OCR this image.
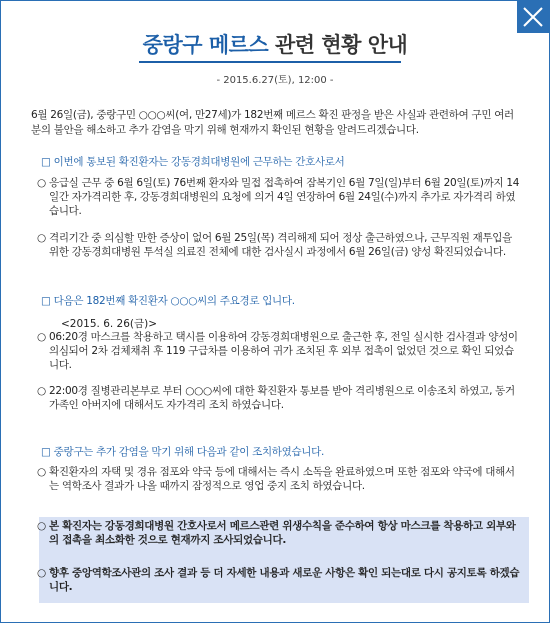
중랑구 메르스 관련 현황 안내
- 2015.6.27(토), 12:00 -
6월 26일(금), 중랑구민 ○○○씨(여, 만27세)가 182번째 메르스 확진 판정을 받은 사실과 관련하여 구민 여러분의 불안을 해소하고 추가 감염을 막기 위해 현재까지 확인된 현황을 알려드리겠습니다.
□ 이번에 통보된 확진환자는 강동경희대병원에 근무하는 간호사로서
○ 응급실 근무 중 6월 6일(토) 76번째 환자와 밀접 접촉하여 잠복기인 6월 7일(일)부터 6월 20일(토)까지 14일간 자가격리한 후, 강동경희대병원의 요청에 의거 4일 연장하여 6월 24일(수)까지 추가로 자가격리 하였습니다.
○ 격리기간 중 의심할 만한 증상이 없어 6월 25일(목) 격리해제 되어 정상 출근하였으나, 근무직원 재투입을 위한 강동경희대병원 투석실 의료진 전체에 대한 검사실시 과정에서 6월 26일(금) 양성 확진되었습니다.
□ 다음은 182번째 확진환자 ○○○씨의 주요경로 입니다.
<2015. 6. 26(금)>
○ 06:20경 마스크를 착용하고 택시를 이용하여 강동경희대병원으로 출근한 후, 전일 실시한 검사결과 양성이 의심되어 2차 검체채취 후 119 구급차를 이용하여 귀가 조치된 후 외부 접촉이 없었던 것으로 확인 되었습니다.
○ 22:00경 질병관리본부로 부터 ○○○씨에 대한 확진환자 통보를 받아 격리병원으로 이송조치 하였고, 동거가족인 아버지에 대해서도 자가격리 조치 하였습니다.
□ 중랑구는 추가 감염을 막기 위해 다음과 같이 조치하였습니다.
○ 확진환자의 자택 및 경유 점포와 약국 등에 대해서는 즉시 소독을 완료하였으며 또한 점포와 약국에 대해서는 역학조사 결과가 나올 때까지 잠정적으로 영업 중지 조치 하였습니다.
○ 본 확진자는 강동경희대병원 간호사로서 메르스관련 위생수칙을 준수하여 항상 마스크를 착용하고 외부와의 접촉을 최소화한 것으로 현재까지 조사되었습니다.
○ 향후 중앙역학조사관의 조사 결과 등 더 자세한 내용과 새로운 사항은 확인 되는대로 다시 공지토록 하겠습니다.
